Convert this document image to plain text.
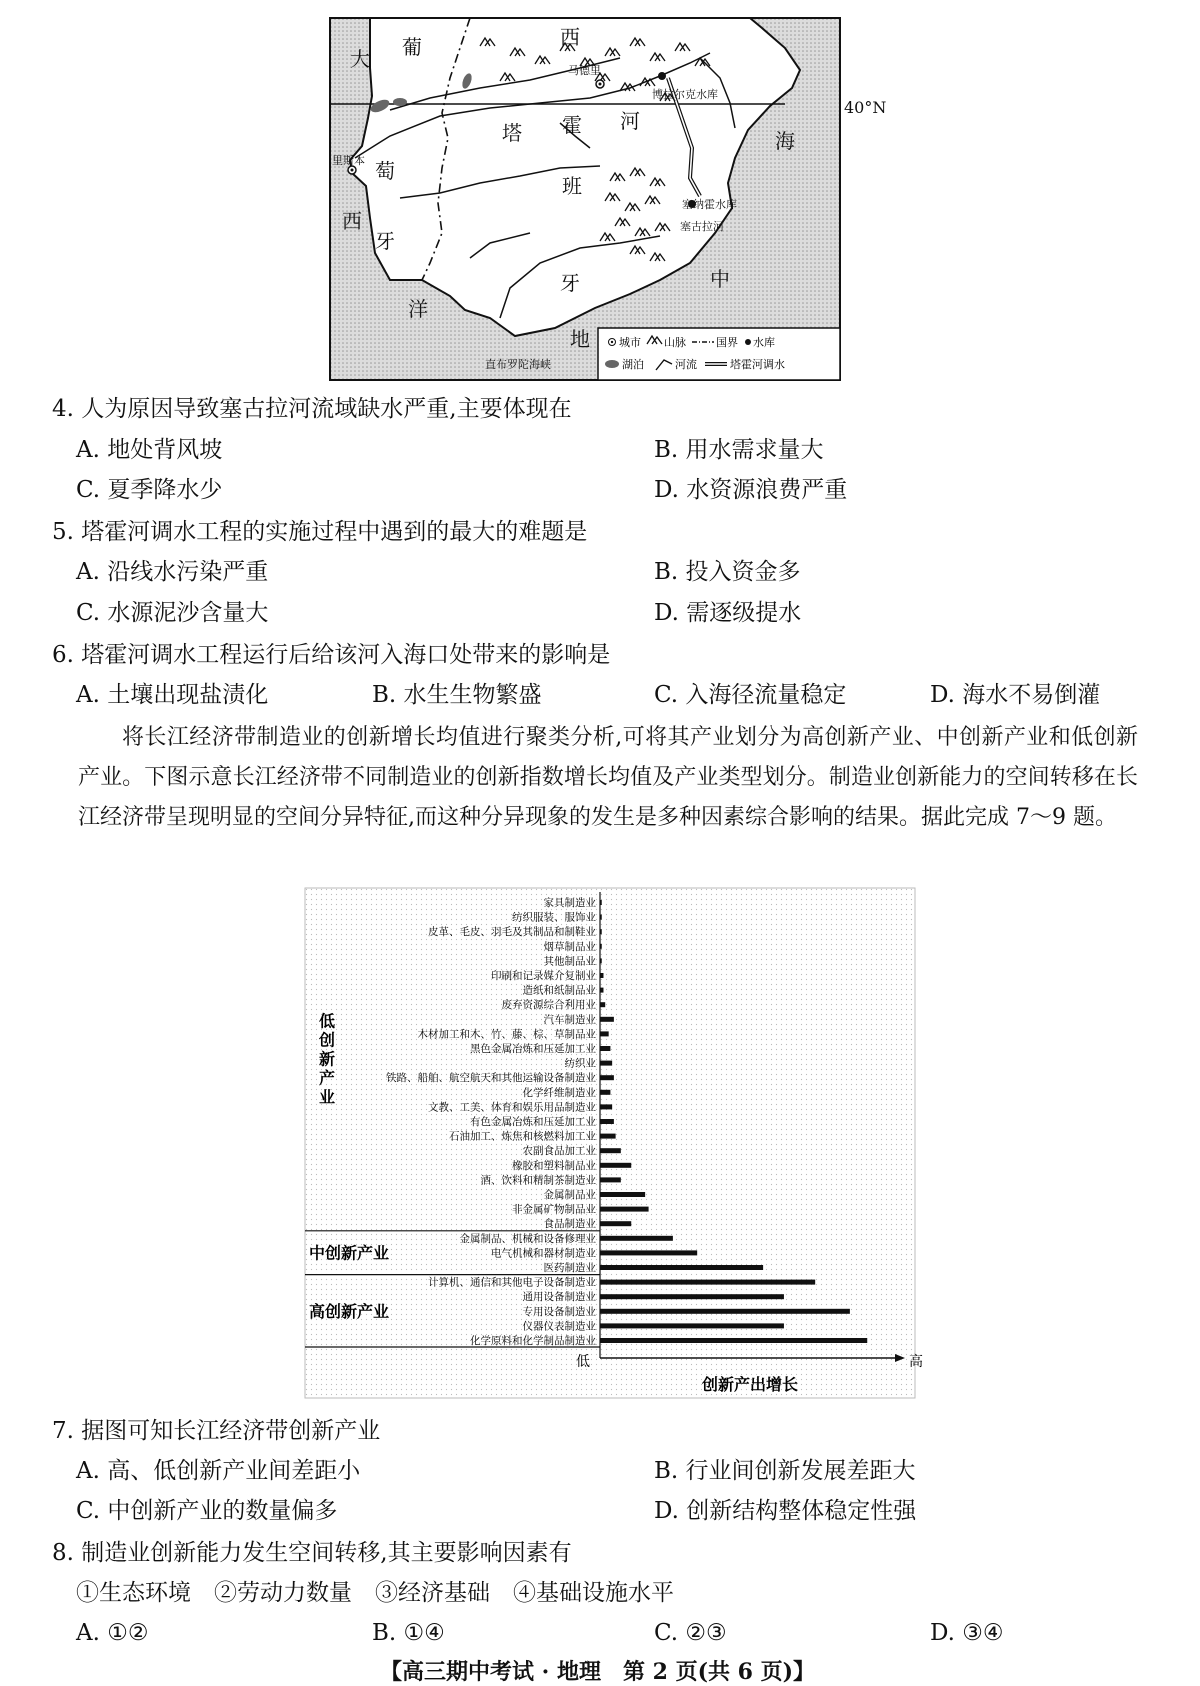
大 葡	西
塔 霍 河
海
萄
班
西
牙
牙	中
洋
地
马德里
博拉尔克水库
里斯本
塞纳霍水库
塞古拉河
直布罗陀海峡
城市 山脉	国界 水库
湖泊	河流	塔霍河调水
40°N
4. 人为原因导致塞古拉河流域缺水严重,主要体现在
A. 地处背风坡	B. 用水需求量大
C. 夏季降水少	D. 水资源浪费严重
5. 塔霍河调水工程的实施过程中遇到的最大的难题是
A. 沿线水污染严重	B. 投入资金多
C. 水源泥沙含量大	D. 需逐级提水
6. 塔霍河调水工程运行后给该河入海口处带来的影响是
A. 土壤出现盐渍化	B. 水生生物繁盛	C. 入海径流量稳定	D. 海水不易倒灌

将长江经济带制造业的创新增长均值进行聚类分析,可将其产业划分为高创新产业、中创新产业和低创新产业。下图示意长江经济带不同制造业的创新指数增长均值及产业类型划分。制造业创新能力的空间转移在长江经济带呈现明显的空间分异特征,而这种分异现象的发生是多种因素综合影响的结果。据此完成 7～9 题。

低创新产业
中创新产业
高创新产业
家具制造业
纺织服装、服饰业
皮革、毛皮、羽毛及其制品和制鞋业
烟草制品业
其他制品业
印刷和记录媒介复制业
造纸和纸制品业
废弃资源综合利用业
汽车制造业
木材加工和木、竹、藤、棕、草制品业
黑色金属冶炼和压延加工业
纺织业
铁路、船舶、航空航天和其他运输设备制造业
化学纤维制造业
文教、工美、体育和娱乐用品制造业
有色金属冶炼和压延加工业
石油加工、炼焦和核燃料加工业
农副食品加工业
橡胶和塑料制品业
酒、饮料和精制茶制造业
金属制品业
非金属矿物制品业
食品制造业
金属制品、机械和设备修理业
电气机械和器材制造业
医药制造业
计算机、通信和其他电子设备制造业
通用设备制造业
专用设备制造业
仪器仪表制造业
化学原料和化学制品制造业
低	高
创新产出增长
7. 据图可知长江经济带创新产业
A. 高、低创新产业间差距小	B. 行业间创新发展差距大
C. 中创新产业的数量偏多	D. 创新结构整体稳定性强
8. 制造业创新能力发生空间转移,其主要影响因素有
①生态环境　②劳动力数量　③经济基础　④基础设施水平
A. ①②	B. ①④	C. ②③	D. ③④
【高三期中考试 · 地理　第 2 页(共 6 页)】
